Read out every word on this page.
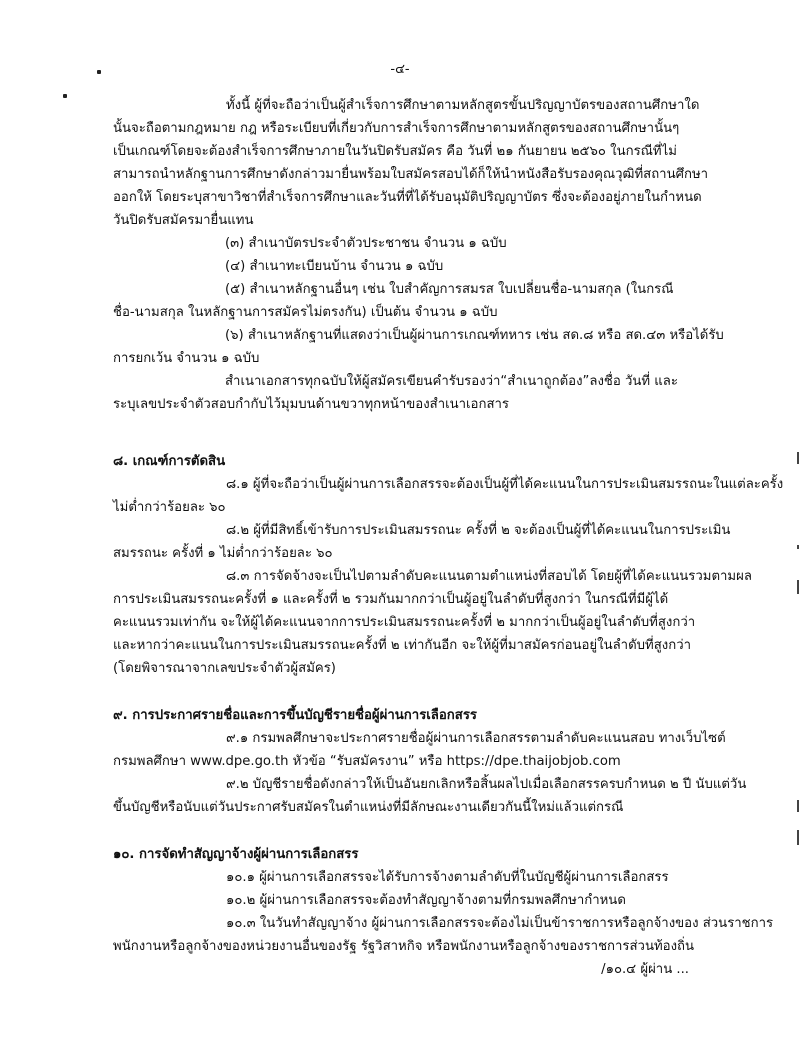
-๔-
ทั้งนี้ ผู้ที่จะถือว่าเป็นผู้สำเร็จการศึกษาตามหลักสูตรขั้นปริญญาบัตรของสถานศึกษาใด
นั้นจะถือตามกฎหมาย กฎ หรือระเบียบที่เกี่ยวกับการสำเร็จการศึกษาตามหลักสูตรของสถานศึกษานั้นๆ
เป็นเกณฑ์โดยจะต้องสำเร็จการศึกษาภายในวันปิดรับสมัคร คือ วันที่ ๒๑ กันยายน ๒๕๖๐ ในกรณีที่ไม่
สามารถนำหลักฐานการศึกษาดังกล่าวมายื่นพร้อมใบสมัครสอบได้ก็ให้นำหนังสือรับรองคุณวุฒิที่สถานศึกษา
ออกให้ โดยระบุสาขาวิชาที่สำเร็จการศึกษาและวันที่ที่ได้รับอนุมัติปริญญาบัตร ซึ่งจะต้องอยู่ภายในกำหนด
วันปิดรับสมัครมายื่นแทน
(๓) สำเนาบัตรประจำตัวประชาชน จำนวน ๑ ฉบับ
(๔) สำเนาทะเบียนบ้าน จำนวน ๑ ฉบับ
(๕) สำเนาหลักฐานอื่นๆ เช่น ใบสำคัญการสมรส ใบเปลี่ยนชื่อ-นามสกุล (ในกรณี
ชื่อ-นามสกุล ในหลักฐานการสมัครไม่ตรงกัน) เป็นต้น จำนวน ๑ ฉบับ
(๖) สำเนาหลักฐานที่แสดงว่าเป็นผู้ผ่านการเกณฑ์ทหาร เช่น สด.๘ หรือ สด.๔๓ หรือได้รับ
การยกเว้น จำนวน ๑ ฉบับ
สำเนาเอกสารทุกฉบับให้ผู้สมัครเขียนคำรับรองว่า“สำเนาถูกต้อง”ลงชื่อ วันที่ และ
ระบุเลขประจำตัวสอบกำกับไว้มุมบนด้านขวาทุกหน้าของสำเนาเอกสาร
๘. เกณฑ์การตัดสิน
๘.๑ ผู้ที่จะถือว่าเป็นผู้ผ่านการเลือกสรรจะต้องเป็นผู้ที่ได้คะแนนในการประเมินสมรรถนะในแต่ละครั้ง
ไม่ต่ำกว่าร้อยละ ๖๐
๘.๒ ผู้ที่มีสิทธิ์เข้ารับการประเมินสมรรถนะ ครั้งที่ ๒ จะต้องเป็นผู้ที่ได้คะแนนในการประเมิน
สมรรถนะ ครั้งที่ ๑ ไม่ต่ำกว่าร้อยละ ๖๐
๘.๓ การจัดจ้างจะเป็นไปตามลำดับคะแนนตามตำแหน่งที่สอบได้ โดยผู้ที่ได้คะแนนรวมตามผล
การประเมินสมรรถนะครั้งที่ ๑ และครั้งที่ ๒ รวมกันมากกว่าเป็นผู้อยู่ในลำดับที่สูงกว่า ในกรณีที่มีผู้ได้
คะแนนรวมเท่ากัน จะให้ผู้ได้คะแนนจากการประเมินสมรรถนะครั้งที่ ๒ มากกว่าเป็นผู้อยู่ในลำดับที่สูงกว่า
และหากว่าคะแนนในการประเมินสมรรถนะครั้งที่ ๒ เท่ากันอีก จะให้ผู้ที่มาสมัครก่อนอยู่ในลำดับที่สูงกว่า
(โดยพิจารณาจากเลขประจำตัวผู้สมัคร)
๙. การประกาศรายชื่อและการขึ้นบัญชีรายชื่อผู้ผ่านการเลือกสรร
๙.๑ กรมพลศึกษาจะประกาศรายชื่อผู้ผ่านการเลือกสรรตามลำดับคะแนนสอบ ทางเว็บไซต์
กรมพลศึกษา www.dpe.go.th หัวข้อ “รับสมัครงาน” หรือ https://dpe.thaijobjob.com
๙.๒ บัญชีรายชื่อดังกล่าวให้เป็นอันยกเลิกหรือสิ้นผลไปเมื่อเลือกสรรครบกำหนด ๒ ปี นับแต่วัน
ขึ้นบัญชีหรือนับแต่วันประกาศรับสมัครในตำแหน่งที่มีลักษณะงานเดียวกันนี้ใหม่แล้วแต่กรณี
๑๐. การจัดทำสัญญาจ้างผู้ผ่านการเลือกสรร
๑๐.๑ ผู้ผ่านการเลือกสรรจะได้รับการจ้างตามลำดับที่ในบัญชีผู้ผ่านการเลือกสรร
๑๐.๒ ผู้ผ่านการเลือกสรรจะต้องทำสัญญาจ้างตามที่กรมพลศึกษากำหนด
๑๐.๓ ในวันทำสัญญาจ้าง ผู้ผ่านการเลือกสรรจะต้องไม่เป็นข้าราชการหรือลูกจ้างของ ส่วนราชการ
พนักงานหรือลูกจ้างของหน่วยงานอื่นของรัฐ รัฐวิสาหกิจ หรือพนักงานหรือลูกจ้างของราชการส่วนท้องถิ่น
/๑๐.๔ ผู้ผ่าน ...
